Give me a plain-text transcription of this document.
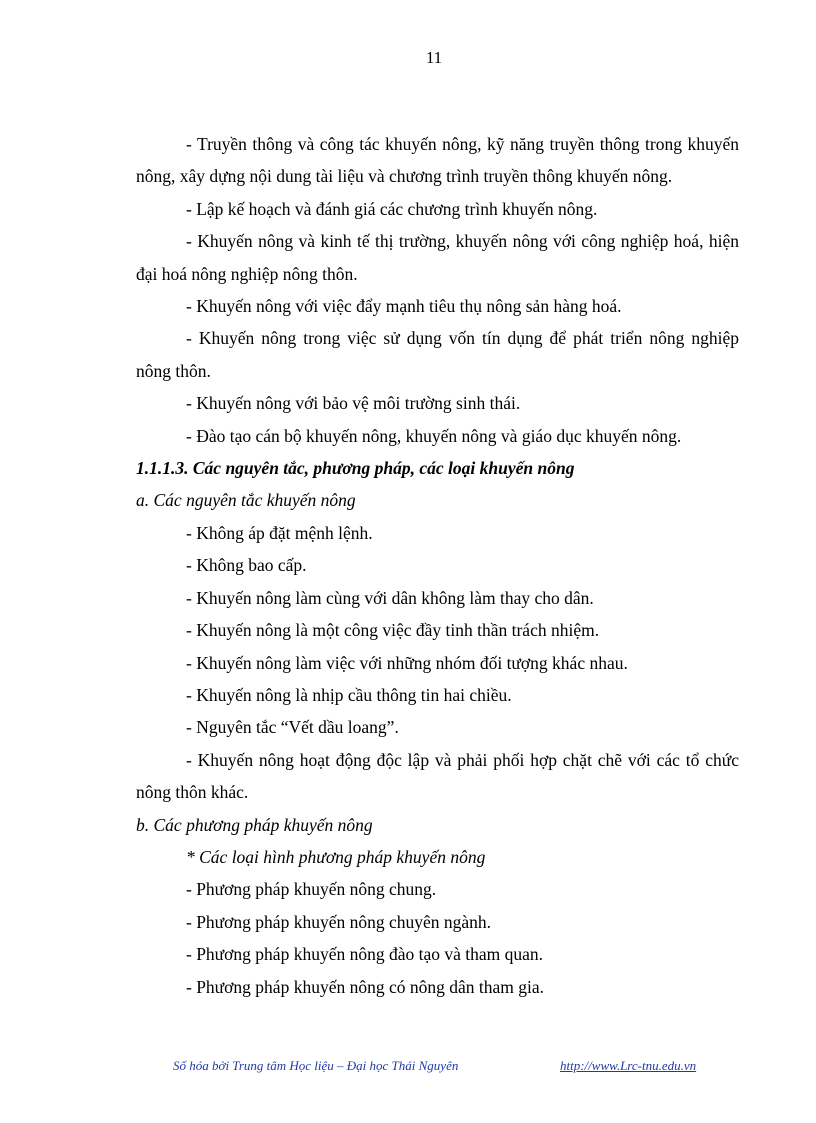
11

- Truyền thông và công tác khuyến nông, kỹ năng truyền thông trong khuyến nông, xây dựng nội dung tài liệu và chương trình truyền thông khuyến nông.

- Lập kế hoạch và đánh giá các chương trình khuyến nông.

- Khuyến nông và kinh tế thị trường, khuyến nông với công nghiệp hoá, hiện đại hoá nông nghiệp nông thôn.

- Khuyến nông với việc đẩy mạnh tiêu thụ nông sản hàng hoá.

- Khuyến nông trong việc sử dụng vốn tín dụng để phát triển nông nghiệp nông thôn.

- Khuyến nông với bảo vệ môi trường sinh thái.

- Đào tạo cán bộ khuyến nông, khuyến nông và giáo dục khuyến nông.

1.1.1.3. Các nguyên tắc, phương pháp, các loại khuyến nông

a. Các nguyên tắc khuyến nông

- Không áp đặt mệnh lệnh.

- Không bao cấp.

- Khuyến nông làm cùng với dân không làm thay cho dân.

- Khuyến nông là một công việc đầy tinh thần trách nhiệm.

- Khuyến nông làm việc với những nhóm đối tượng khác nhau.

- Khuyến nông là nhịp cầu thông tin hai chiều.

- Nguyên tắc “Vết dầu loang”.

- Khuyến nông hoạt động độc lập và phải phối hợp chặt chẽ với các tổ chức nông thôn khác.

b. Các phương pháp khuyến nông

* Các loại hình phương pháp khuyến nông

- Phương pháp khuyến nông chung.

- Phương pháp khuyến nông chuyên ngành.

- Phương pháp khuyến nông đào tạo và tham quan.

- Phương pháp khuyến nông có nông dân tham gia.

Số hóa bởi Trung tâm Học liệu – Đại học Thái Nguyên	http://www.Lrc-tnu.edu.vn
